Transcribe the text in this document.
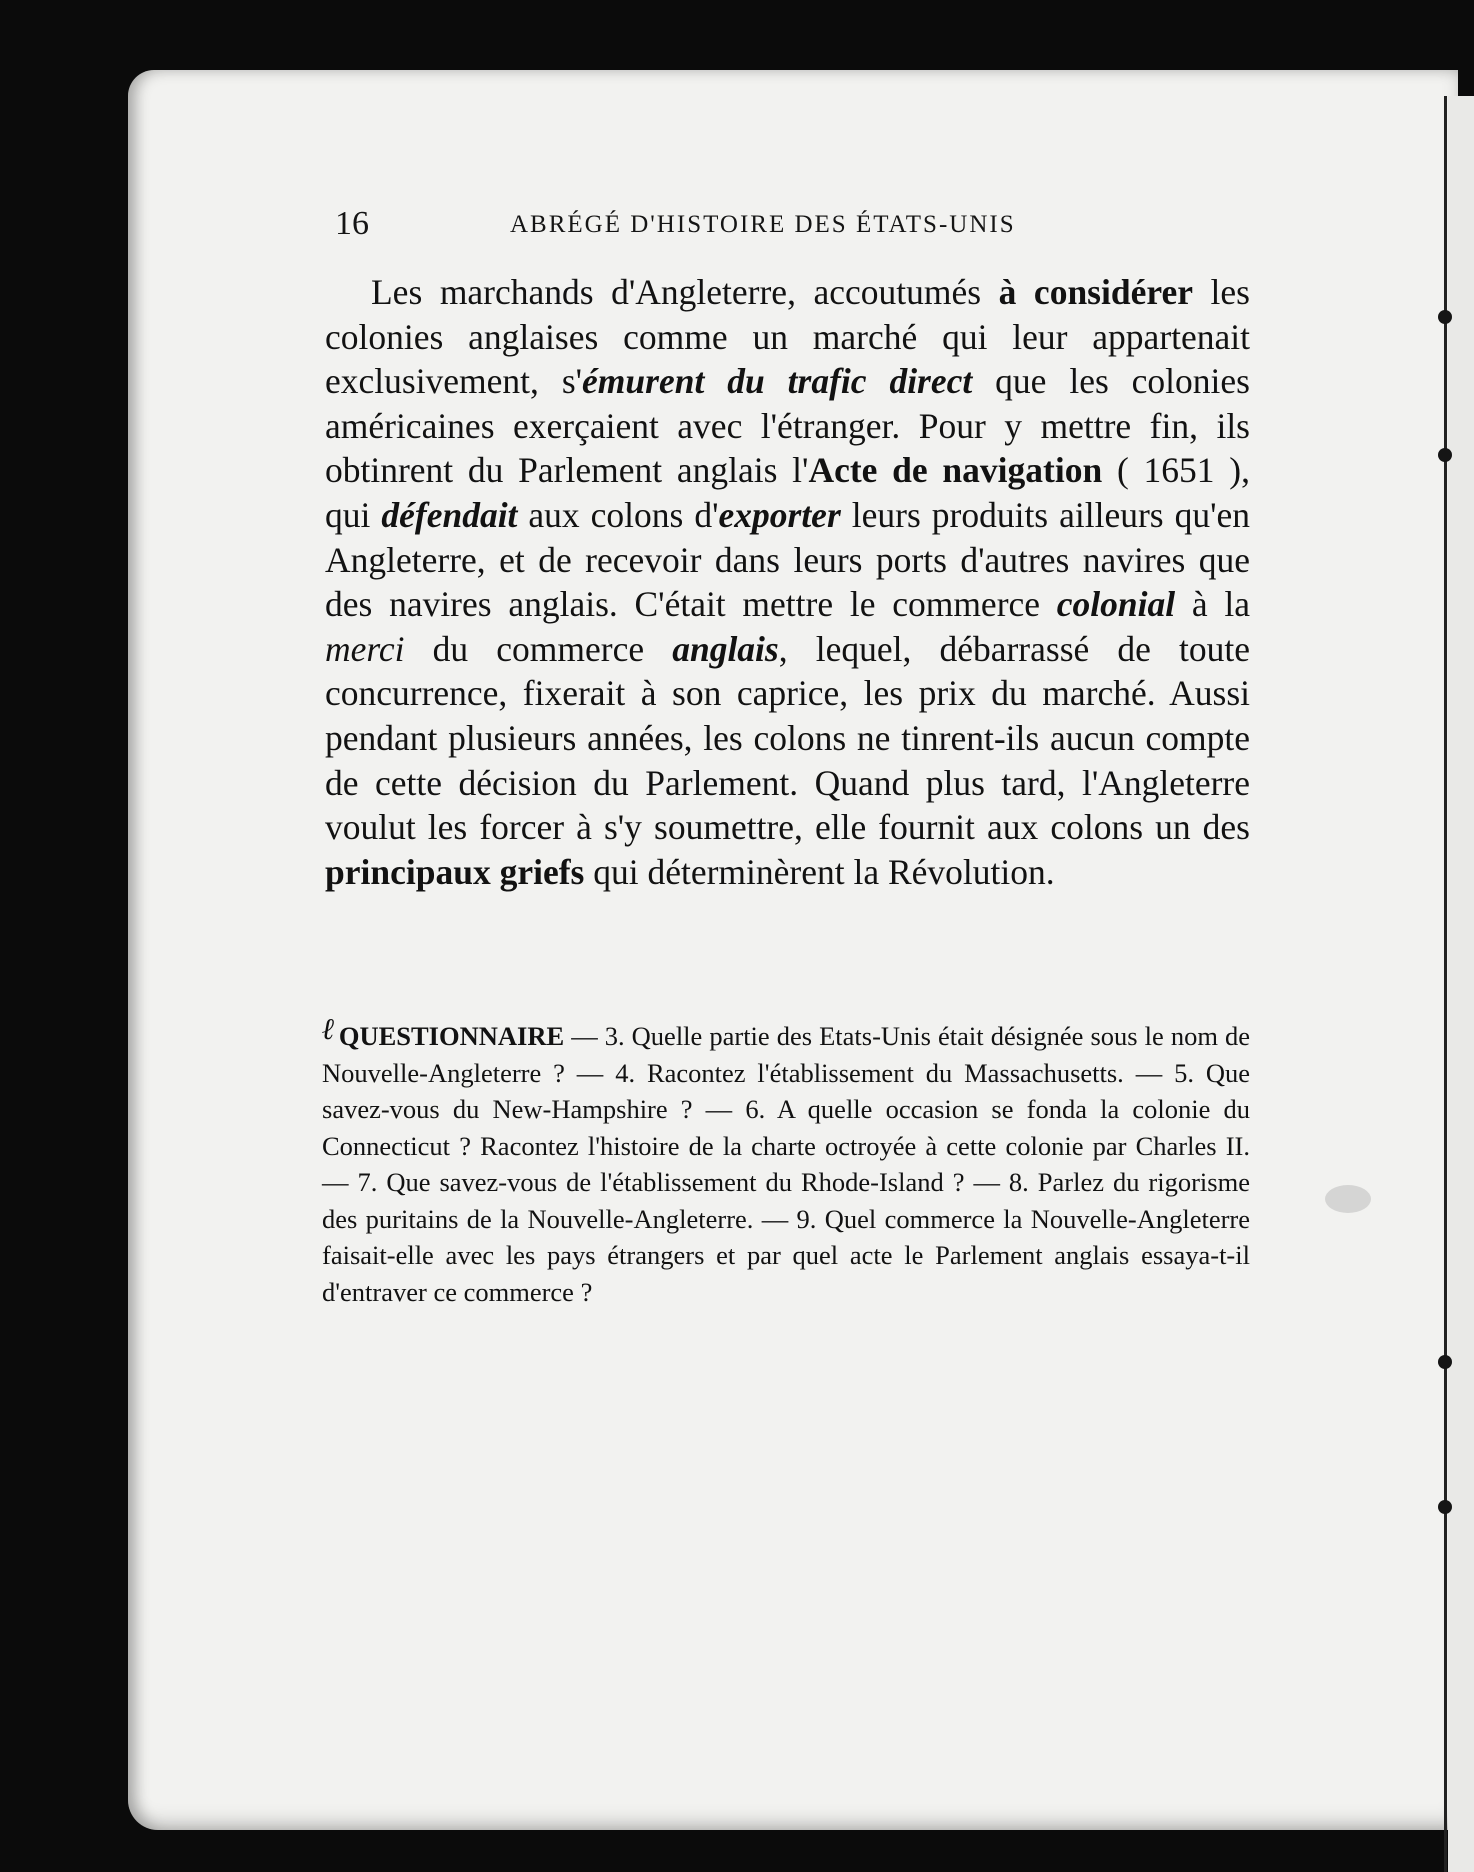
16	ABRÉGÉ D'HISTOIRE DES ÉTATS-UNIS

Les marchands d'Angleterre, accoutumés à considérer les colonies anglaises comme un marché qui leur appartenait exclusivement, s'émurent du trafic direct que les colonies américaines exerçaient avec l'étranger. Pour y mettre fin, ils obtinrent du Parlement anglais l'Acte de navigation ( 1651 ), qui défendait aux colons d'exporter leurs produits ailleurs qu'en Angleterre, et de recevoir dans leurs ports d'autres navires que des navires anglais. C'était mettre le commerce colonial à la merci du commerce anglais, lequel, débarrassé de toute concurrence, fixerait à son caprice, les prix du marché. Aussi pendant plusieurs années, les colons ne tinrent-ils aucun compte de cette décision du Parlement. Quand plus tard, l'Angleterre voulut les forcer à s'y soumettre, elle fournit aux colons un des principaux griefs qui déterminèrent la Révolution.

ℓ QUESTIONNAIRE — 3. Quelle partie des Etats-Unis était désignée sous le nom de Nouvelle-Angleterre ? — 4. Racontez l'établissement du Massachusetts. — 5. Que savez-vous du New-Hampshire ? — 6. A quelle occasion se fonda la colonie du Connecticut ? Racontez l'histoire de la charte octroyée à cette colonie par Charles II. — 7. Que savez-vous de l'établissement du Rhode-Island ? — 8. Parlez du rigorisme des puritains de la Nouvelle-Angleterre. — 9. Quel commerce la Nouvelle-Angleterre faisait-elle avec les pays étrangers et par quel acte le Parlement anglais essaya-t-il d'entraver ce commerce ?
